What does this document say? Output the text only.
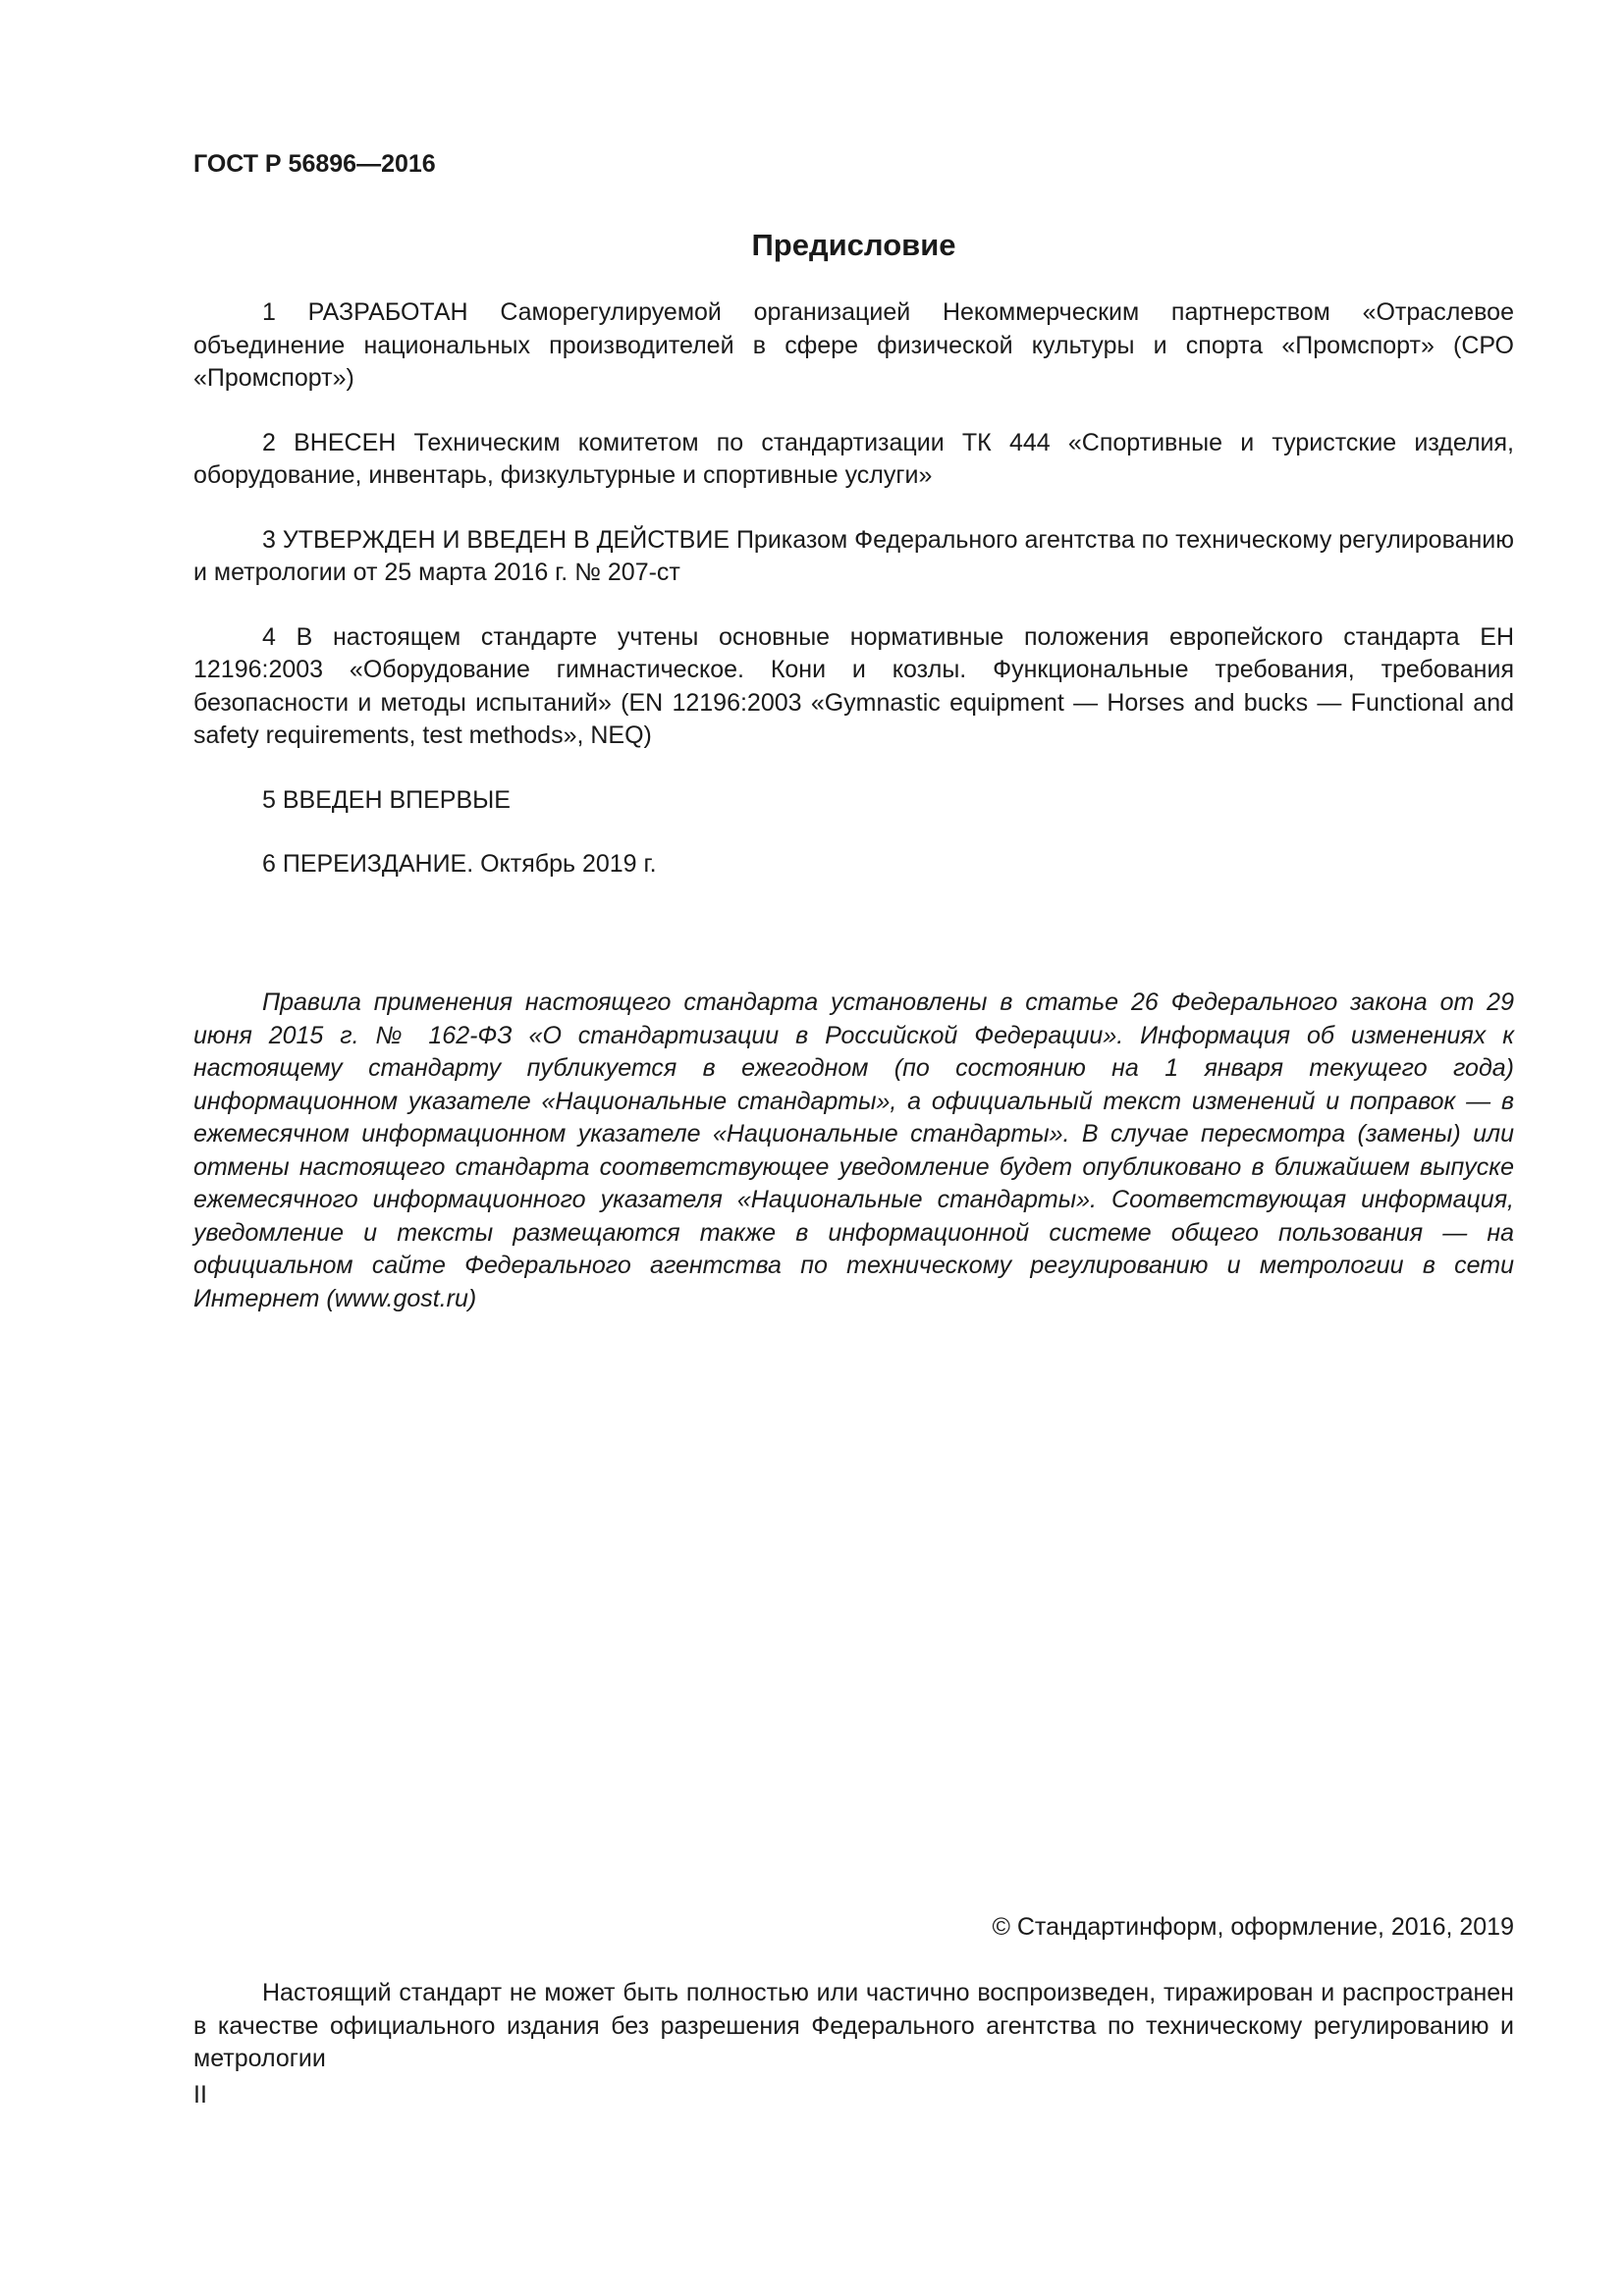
ГОСТ Р 56896—2016

Предисловие

1 РАЗРАБОТАН Саморегулируемой организацией Некоммерческим партнерством «Отраслевое объединение национальных производителей в сфере физической культуры и спорта «Промспорт» (СРО «Промспорт»)

2 ВНЕСЕН Техническим комитетом по стандартизации ТК 444 «Спортивные и туристские изделия, оборудование, инвентарь, физкультурные и спортивные услуги»

3 УТВЕРЖДЕН И ВВЕДЕН В ДЕЙСТВИЕ Приказом Федерального агентства по техническому регулированию и метрологии от 25 марта 2016 г. № 207-ст

4 В настоящем стандарте учтены основные нормативные положения европейского стандарта ЕН 12196:2003 «Оборудование гимнастическое. Кони и козлы. Функциональные требования, требования безопасности и методы испытаний» (EN 12196:2003 «Gymnastic equipment — Horses and bucks — Functional and safety requirements, test methods», NEQ)

5 ВВЕДЕН ВПЕРВЫЕ

6 ПЕРЕИЗДАНИЕ. Октябрь 2019 г.

Правила применения настоящего стандарта установлены в статье 26 Федерального закона от 29 июня 2015 г. № 162-ФЗ «О стандартизации в Российской Федерации». Информация об изменениях к настоящему стандарту публикуется в ежегодном (по состоянию на 1 января текущего года) информационном указателе «Национальные стандарты», а официальный текст изменений и поправок — в ежемесячном информационном указателе «Национальные стандарты». В случае пересмотра (замены) или отмены настоящего стандарта соответствующее уведомление будет опубликовано в ближайшем выпуске ежемесячного информационного указателя «Национальные стандарты». Соответствующая информация, уведомление и тексты размещаются также в информационной системе общего пользования — на официальном сайте Федерального агентства по техническому регулированию и метрологии в сети Интернет (www.gost.ru)

© Стандартинформ, оформление, 2016, 2019

Настоящий стандарт не может быть полностью или частично воспроизведен, тиражирован и распространен в качестве официального издания без разрешения Федерального агентства по техническому регулированию и метрологии

II
